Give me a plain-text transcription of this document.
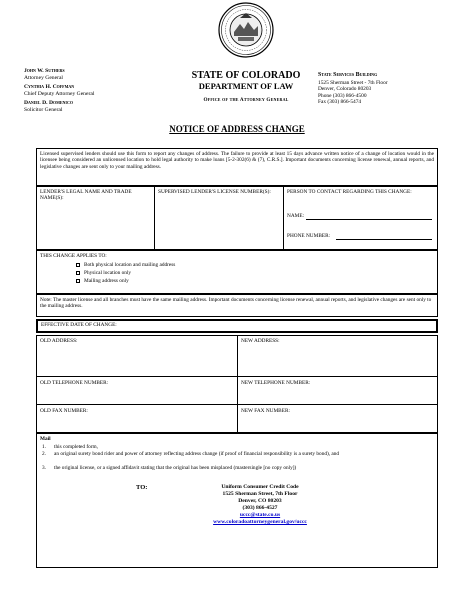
John W. Suthers
Attorney General
Cynthia H. Coffman
Chief Deputy Attorney General
Daniel D. Domenico
Solicitor General
STATE OF COLORADO
DEPARTMENT OF LAW
Office of the Attorney General
State Services Building
1525 Sherman Street - 7th Floor
Denver, Colorado 80203
Phone (303) 866-4500
Fax (303) 866-5474
NOTICE OF ADDRESS CHANGE
Licensed supervised lenders should use this form to report any changes of address. The failure to provide at least 15 days advance written notice of a change of location would in the licensee being considered an unlicensed location to hold legal authority to make loans [5-2-302(6) & (7), C.R.S.]. Important documents concerning license renewal, annual reports, and legislative changes are sent only to your mailing address.
LENDER'S LEGAL NAME AND TRADE NAME(S):
SUPERVISED LENDER'S LICENSE NUMBER(S):	PERSON TO CONTACT REGARDING THIS CHANGE:
NAME:
PHONE NUMBER:
THIS CHANGE APPLIES TO:
Both physical location and mailing address
Physical location only
Mailing address only
Note: The master license and all branches must have the same mailing address. Important documents concerning license renewal, annual reports, and legislative changes are sent only to the mailing address.
EFFECTIVE DATE OF CHANGE:
OLD ADDRESS:	NEW ADDRESS:
OLD TELEPHONE NUMBER:	NEW TELEPHONE NUMBER:
OLD FAX NUMBER:	NEW FAX NUMBER:
Mail
1. this completed form,
2. an original surety bond rider and power of attorney reflecting address change (if proof of financial responsibility is a surety bond), and
3. the original license, or a signed affidavit stating that the original has been misplaced (mastersingle [no copy only])
TO:	Uniform Consumer Credit Code
1525 Sherman Street, 7th Floor
Denver, CO 80203
(303) 866-4527
uccc@state.co.us
www.coloradoattorneygeneral.gov/uccc
